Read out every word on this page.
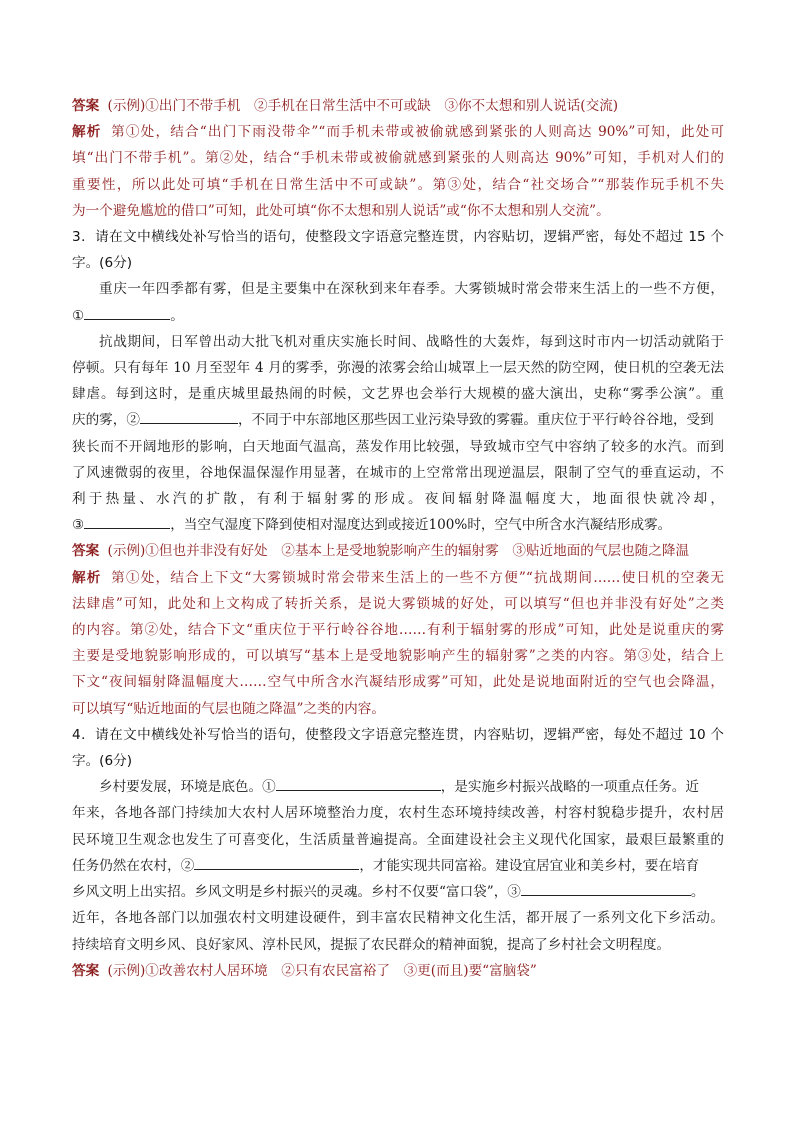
答案 (示例)①出门不带手机　②手机在日常生活中不可或缺　③你不太想和别人说话(交流)
解析 第①处，结合“出门下雨没带伞”“而手机未带或被偷就感到紧张的人则高达 90%”可知，此处可
填“出门不带手机”。第②处，结合“手机未带或被偷就感到紧张的人则高达 90%”可知，手机对人们的
重要性，所以此处可填“手机在日常生活中不可或缺”。第③处，结合“社交场合”“那装作玩手机不失
为一个避免尴尬的借口”可知，此处可填“你不太想和别人说话”或“你不太想和别人交流”。
3．请在文中横线处补写恰当的语句，使整段文字语意完整连贯，内容贴切，逻辑严密，每处不超过 15 个
字。(6分)
重庆一年四季都有雾，但是主要集中在深秋到来年春季。大雾锁城时常会带来生活上的一些不方便，
①	。
抗战期间，日军曾出动大批飞机对重庆实施长时间、战略性的大轰炸，每到这时市内一切活动就陷于
停顿。只有每年 10 月至翌年 4 月的雾季，弥漫的浓雾会给山城罩上一层天然的防空网，使日机的空袭无法
肆虐。每到这时，是重庆城里最热闹的时候，文艺界也会举行大规模的盛大演出，史称“雾季公演”。重
庆的雾，②	，不同于中东部地区那些因工业污染导致的雾霾。重庆位于平行岭谷谷地，受到
狭长而不开阔地形的影响，白天地面气温高，蒸发作用比较强，导致城市空气中容纳了较多的水汽。而到
了风速微弱的夜里，谷地保温保湿作用显著，在城市的上空常常出现逆温层，限制了空气的垂直运动，不
利于热量、水汽的扩散，有利于辐射雾的形成。夜间辐射降温幅度大，地面很快就冷却，
③	，当空气湿度下降到使相对湿度达到或接近100%时，空气中所含水汽凝结形成雾。
答案 (示例)①但也并非没有好处　②基本上是受地貌影响产生的辐射雾　③贴近地面的气层也随之降温
解析 第①处，结合上下文“大雾锁城时常会带来生活上的一些不方便”“抗战期间……使日机的空袭无
法肆虐”可知，此处和上文构成了转折关系，是说大雾锁城的好处，可以填写“但也并非没有好处”之类
的内容。第②处，结合下文“重庆位于平行岭谷谷地……有利于辐射雾的形成”可知，此处是说重庆的雾
主要是受地貌影响形成的，可以填写“基本上是受地貌影响产生的辐射雾”之类的内容。第③处，结合上
下文“夜间辐射降温幅度大……空气中所含水汽凝结形成雾”可知，此处是说地面附近的空气也会降温，
可以填写“贴近地面的气层也随之降温”之类的内容。
4．请在文中横线处补写恰当的语句，使整段文字语意完整连贯，内容贴切，逻辑严密，每处不超过 10 个
字。(6分)
乡村要发展，环境是底色。①	，是实施乡村振兴战略的一项重点任务。近
年来，各地各部门持续加大农村人居环境整治力度，农村生态环境持续改善，村容村貌稳步提升，农村居
民环境卫生观念也发生了可喜变化，生活质量普遍提高。全面建设社会主义现代化国家，最艰巨最繁重的
任务仍然在农村，②	，才能实现共同富裕。建设宜居宜业和美乡村，要在培育
乡风文明上出实招。乡风文明是乡村振兴的灵魂。乡村不仅要“富口袋”，③	。
近年，各地各部门以加强农村文明建设硬件，到丰富农民精神文化生活，都开展了一系列文化下乡活动。
持续培育文明乡风、良好家风、淳朴民风，提振了农民群众的精神面貌，提高了乡村社会文明程度。
答案 (示例)①改善农村人居环境　②只有农民富裕了　③更(而且)要“富脑袋”
